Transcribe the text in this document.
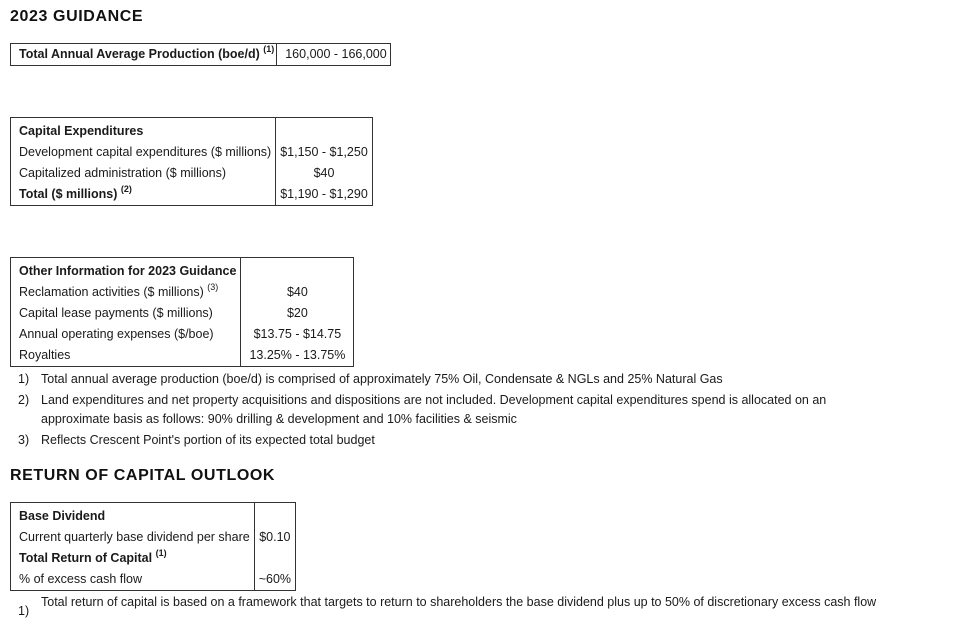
2023 GUIDANCE
Total Annual Average Production (boe/d) $^{(1)}$	160,000 - 166,000
Capital Expenditures	
Development capital expenditures ($ millions)	$1,150 - $1,250
Capitalized administration ($ millions)	$40
Total ($ millions) $^{(2)}$	$1,190 - $1,290
Other Information for 2023 Guidance	
Reclamation activities ($ millions) $^{(3)}$	$40
Capital lease payments ($ millions)	$20
Annual operating expenses ($/boe)	$13.75 - $14.75
Royalties	13.25% - 13.75%
1) Total annual average production (boe/d) is comprised of approximately 75% Oil, Condensate & NGLs and 25% Natural Gas
2) Land expenditures and net property acquisitions and dispositions are not included. Development capital expenditures spend is allocated on an approximate basis as follows: 90% drilling & development and 10% facilities & seismic
3) Reflects Crescent Point's portion of its expected total budget
RETURN OF CAPITAL OUTLOOK
Base Dividend	
Current quarterly base dividend per share	$0.10
Total Return of Capital $^{(1)}$	
% of excess cash flow	~60%
1)
Total return of capital is based on a framework that targets to return to shareholders the base dividend plus up to 50% of discretionary excess cash flow
